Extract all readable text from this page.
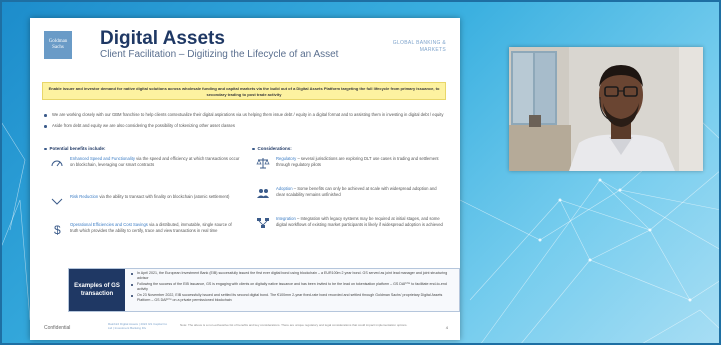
Goldman Sachs	Digital Assets
Client Facilitation – Digitizing the Lifecycle of an Asset
GLOBAL BANKING & MARKETS
Enable issuer and investor demand for native digital solutions across wholesale funding and capital markets via the build out of a Digital Assets Platform targeting the full lifecycle from primary issuance, to secondary trading to post trade activity
We are working closely with our GBM franchise to help clients contextualize their digital aspirations via us helping them issue debt / equity in a digital format and to assisting them in investing in digital debt / equity
Aside from debt and equity we are also considering the possibility of tokenizing other asset classes
Potential benefits include:	Considerations:
Enhanced Speed and Functionality via the speed and efficiency at which transactions occur on blockchain, leveraging our smart contracts
Risk Reduction via the ability to transact with finality on blockchain (atomic settlement)
$ Operational Efficiencies and Cost Savings via a distributed, immutable, single source of truth which provides the ability to certify, trace and view transactions in real time
Regulatory – several jurisdictions are exploring DLT use cases in trading and settlement through regulatory pilots
Adoption – Some benefits can only be achieved at scale with widespread adoption and clear scalability remains unfinished
Integration – Integration with legacy systems may be required at initial stages, and some digital workflows of existing market participants is likely if widespread adoption is achieved
Examples of GS transaction
In April 2021, the European Investment Bank (EIB) successfully issued the first ever digital bond using blockchain – a EUR100m 2 year bond. GS served as joint lead manager and joint structuring advisor
Following the success of the EIB issuance, GS is engaging with clients on digitally native issuance and has been invited to be the lead on tokenisation platform – GS DAP™ to facilitate end-to-end activity
On 23 November 2022, EIB successfully issued and settled its second digital bond. The €100mm 2-year fixed-rate bond recorded and settled through Goldman Sachs' proprietary Digital Assets Platform – GS DAP™ on a private permissioned blockchain
Confidential
Rainbird Digital Assets | 2022 GS Capital Co Ltd | Investment Banking Div
Note: The above is a non-exhaustive list of benefits and key considerations. There are unique regulatory and legal considerations that could impact implementation options.	4
